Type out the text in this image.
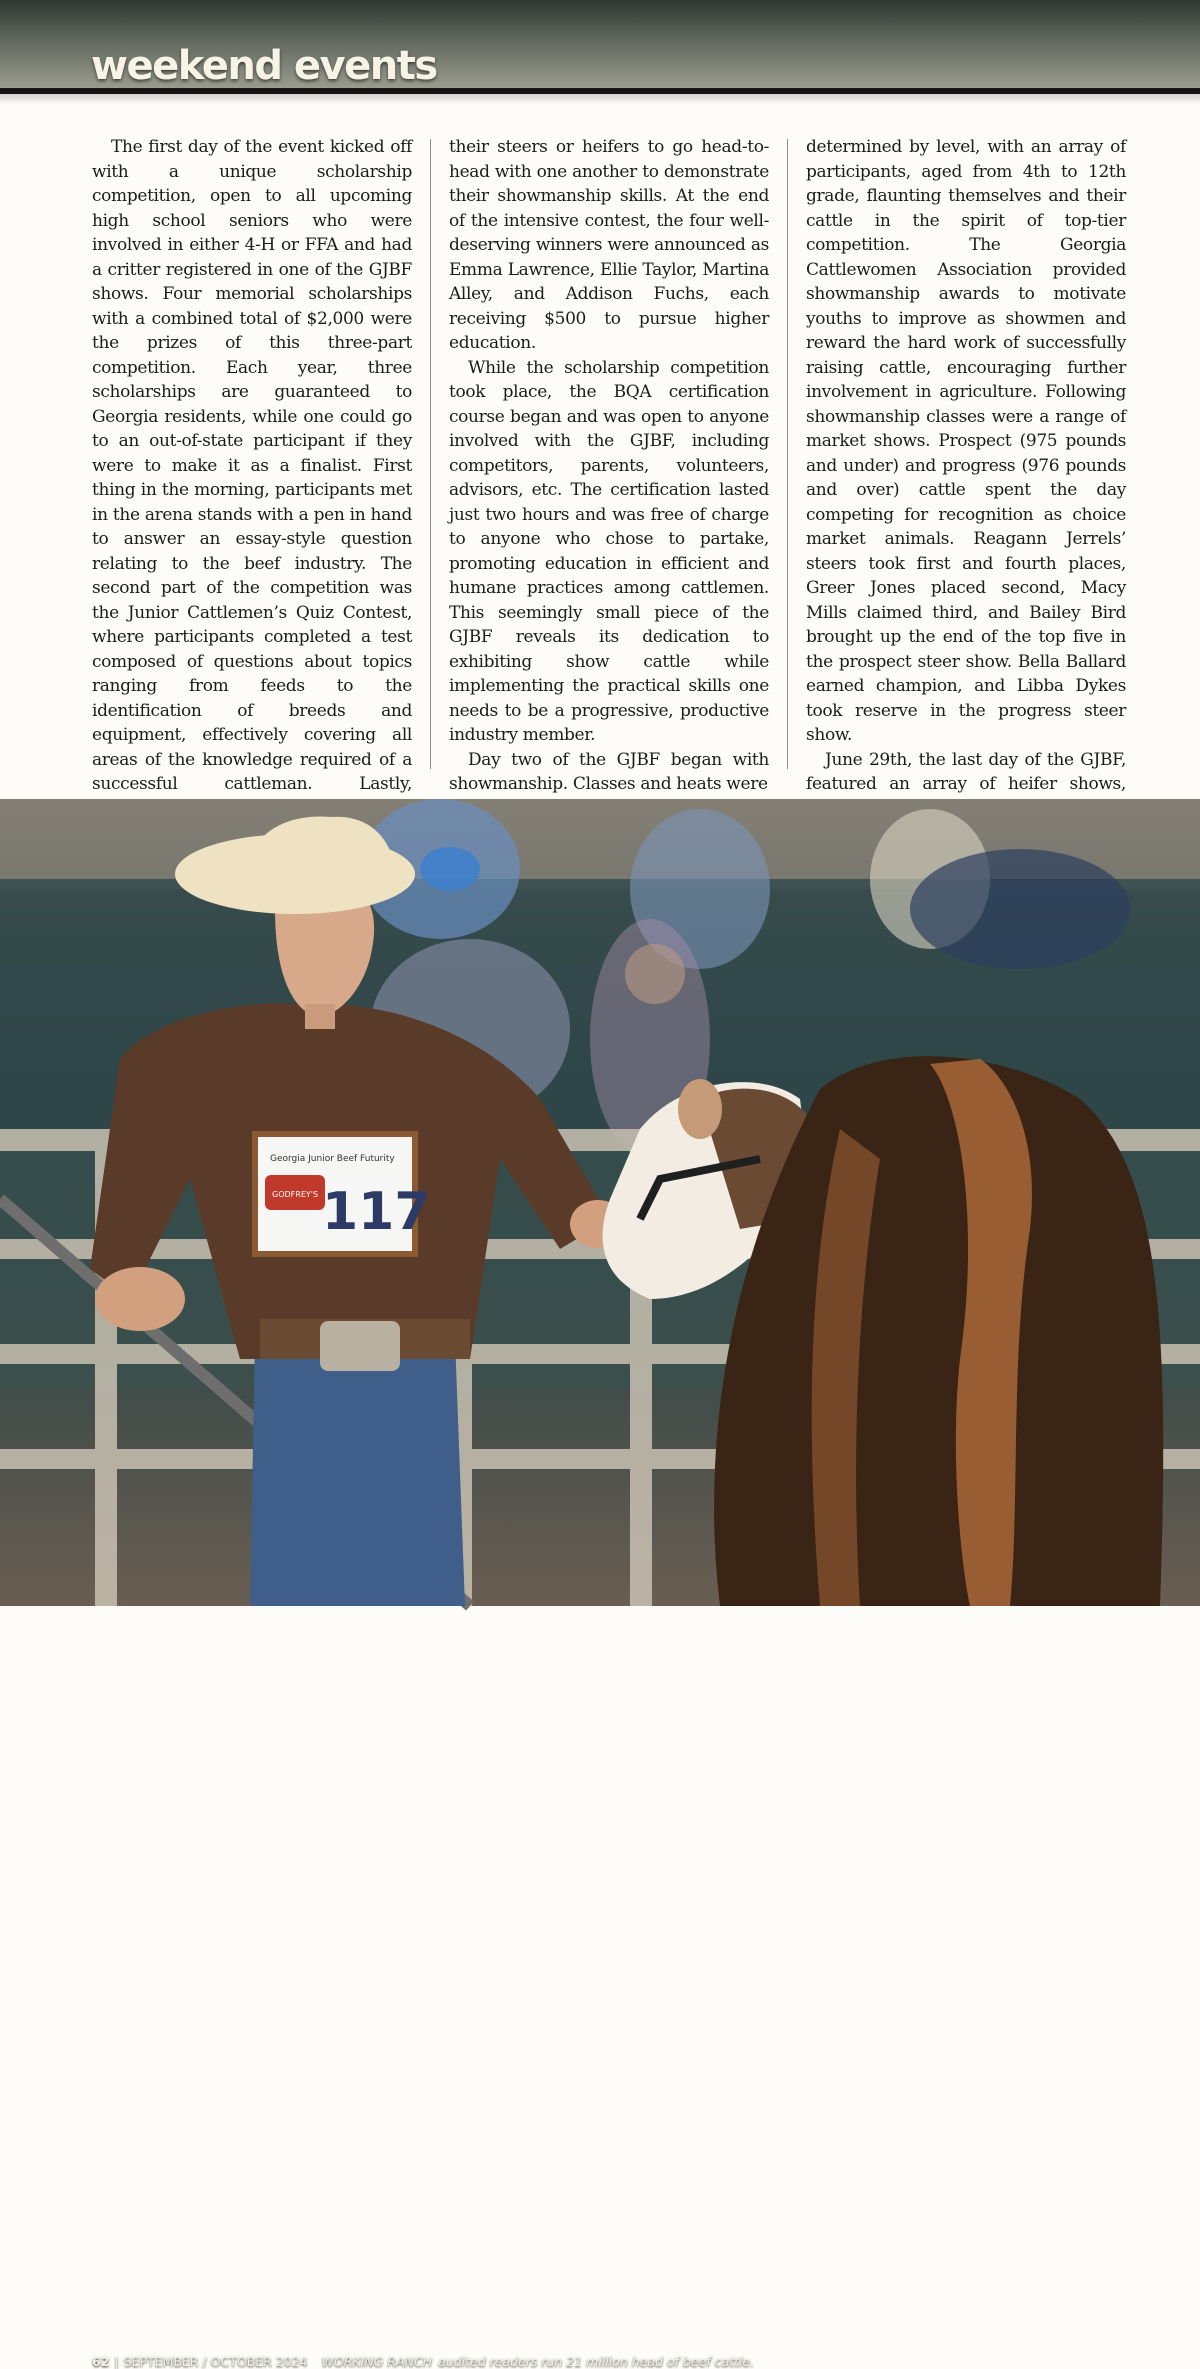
weekend events

The first day of the event kicked off with a unique scholarship competition, open to all upcoming high school seniors who were involved in either 4-H or FFA and had a critter registered in one of the GJBF shows. Four memorial scholarships with a combined total of $2,000 were the prizes of this three-part competition. Each year, three scholarships are guaranteed to Georgia residents, while one could go to an out-of-state participant if they were to make it as a finalist. First thing in the morning, participants met in the arena stands with a pen in hand to answer an essay-style question relating to the beef industry. The second part of the competition was the Junior Cattlemen’s Quiz Contest, where participants completed a test composed of questions about topics ranging from feeds to the identification of breeds and equipment, effectively covering all areas of the knowledge required of a successful cattleman. Lastly,

their steers or heifers to go head-to-head with one another to demonstrate their showmanship skills. At the end of the intensive contest, the four well-deserving winners were announced as Emma Lawrence, Ellie Taylor, Martina Alley, and Addison Fuchs, each receiving $500 to pursue higher education.

While the scholarship competition took place, the BQA certification course began and was open to anyone involved with the GJBF, including competitors, parents, volunteers, advisors, etc. The certification lasted just two hours and was free of charge to anyone who chose to partake, promoting education in efficient and humane practices among cattlemen. This seemingly small piece of the GJBF reveals its dedication to exhibiting show cattle while implementing the practical skills one needs to be a progressive, productive industry member.

Day two of the GJBF began with showmanship. Classes and heats were

determined by level, with an array of participants, aged from 4th to 12th grade, flaunting themselves and their cattle in the spirit of top-tier competition. The Georgia Cattlewomen Association provided showmanship awards to motivate youths to improve as showmen and reward the hard work of successfully raising cattle, encouraging further involvement in agriculture. Following showmanship classes were a range of market shows. Prospect (975 pounds and under) and progress (976 pounds and over) cattle spent the day competing for recognition as choice market animals. Reagann Jerrels’ steers took first and fourth places, Greer Jones placed second, Macy Mills claimed third, and Bailey Bird brought up the end of the top five in the prospect steer show. Bella Ballard earned champion, and Libba Dykes took reserve in the progress steer show.

June 29th, the last day of the GJBF, featured an array of heifer shows,

Georgia Junior Beef Futurity
GODFREY'S 117
62 | SEPTEMBER / OCTOBER 2024 WORKING RANCH audited readers run 21 million head of beef cattle.
